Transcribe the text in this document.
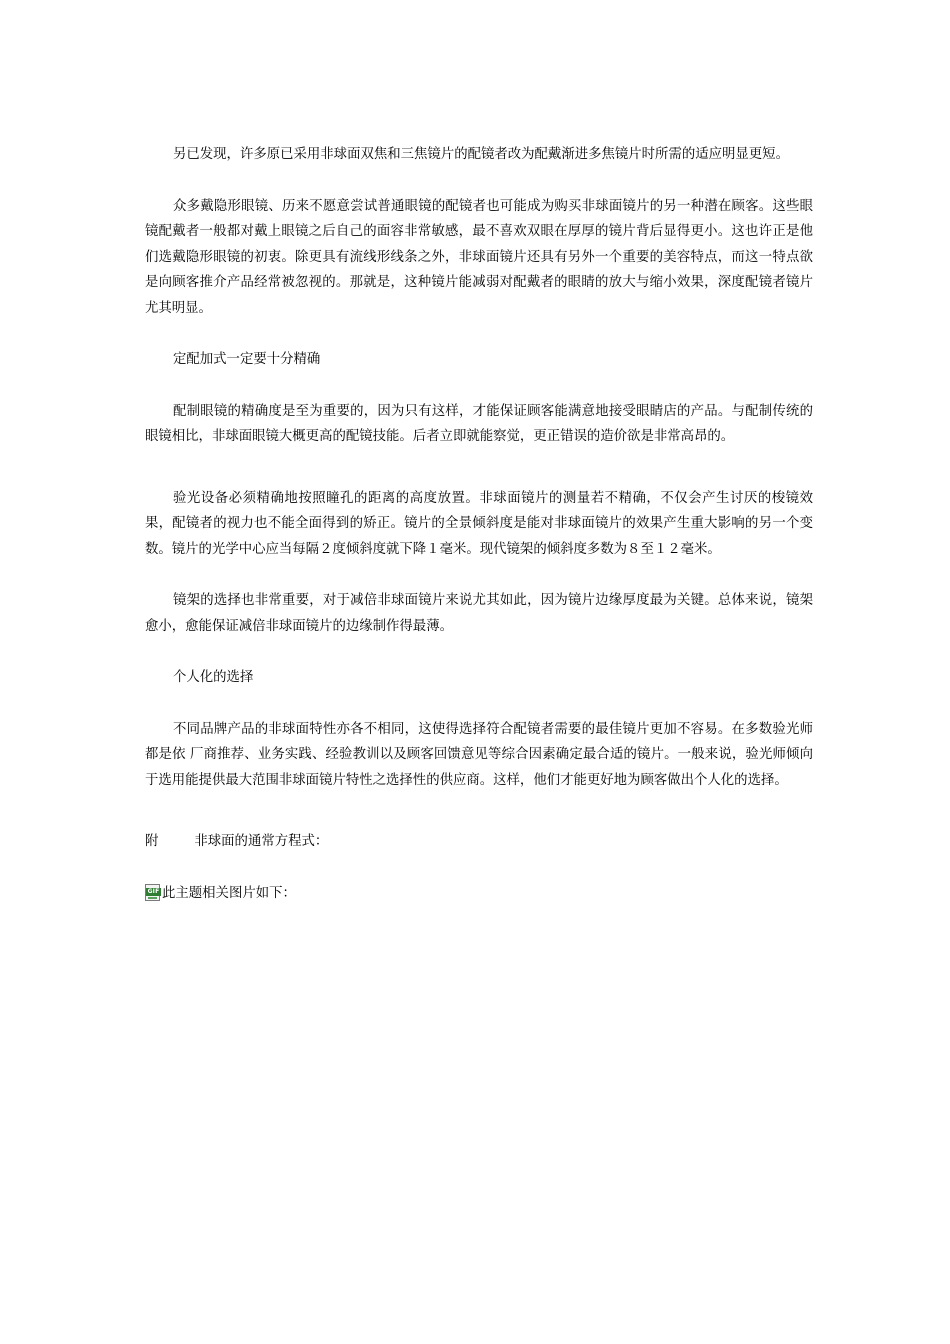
另已发现，许多原已采用非球面双焦和三焦镜片的配镜者改为配戴渐进多焦镜片时所需的适应明显更短。

众多戴隐形眼镜、历来不愿意尝试普通眼镜的配镜者也可能成为购买非球面镜片的另一种潜在顾客。这些眼镜配戴者一般都对戴上眼镜之后自己的面容非常敏感，最不喜欢双眼在厚厚的镜片背后显得更小。这也许正是他们选戴隐形眼镜的初衷。除更具有流线形线条之外，非球面镜片还具有另外一个重要的美容特点，而这一特点欲是向顾客推介产品经常被忽视的。那就是，这种镜片能减弱对配戴者的眼睛的放大与缩小效果，深度配镜者镜片尤其明显。

定配加式一定要十分精确

配制眼镜的精确度是至为重要的，因为只有这样，才能保证顾客能满意地接受眼睛店的产品。与配制传统的眼镜相比，非球面眼镜大概更高的配镜技能。后者立即就能察觉，更正错误的造价欲是非常高昂的。

验光设备必须精确地按照瞳孔的距离的高度放置。非球面镜片的测量若不精确，不仅会产生讨厌的梭镜效果，配镜者的视力也不能全面得到的矫正。镜片的全景倾斜度是能对非球面镜片的效果产生重大影响的另一个变数。镜片的光学中心应当每隔２度倾斜度就下降１毫米。现代镜架的倾斜度多数为８至１２毫米。

镜架的选择也非常重要，对于减倍非球面镜片来说尤其如此，因为镜片边缘厚度最为关键。总体来说，镜架愈小，愈能保证减倍非球面镜片的边缘制作得最薄。

个人化的选择

不同品牌产品的非球面特性亦各不相同，这使得选择符合配镜者需要的最佳镜片更加不容易。在多数验光师都是依 厂商推荐、业务实践、经验教训以及顾客回馈意见等综合因素确定最合适的镜片。一般来说，验光师倾向于选用能提供最大范围非球面镜片特性之选择性的供应商。这样，他们才能更好地为顾客做出个人化的选择。

附	非球面的通常方程式：

GIF 此主题相关图片如下：
